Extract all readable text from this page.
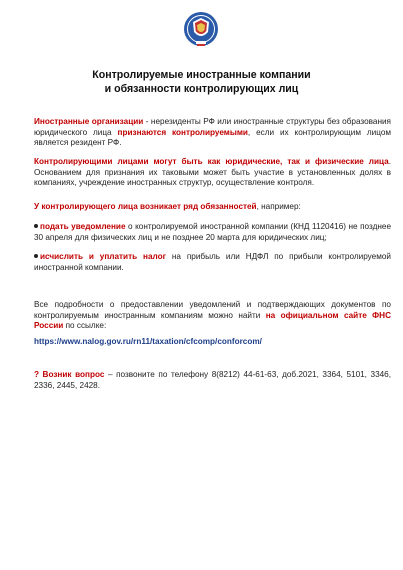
Контролируемые иностранные компании
и обязанности контролирующих лиц
Иностранные организации - нерезиденты РФ или иностранные структуры без образования юридического лица признаются контролируемыми, если их контролирующим лицом является резидент РФ.
Контролирующими лицами могут быть как юридические, так и физические лица. Основанием для признания их таковыми может быть участие в установленных долях в компаниях, учреждение иностранных структур, осуществление контроля.
У контролирующего лица возникает ряд обязанностей, например:
подать уведомление о контролируемой иностранной компании (КНД 1120416) не позднее 30 апреля для физических лиц и не позднее 20 марта для юридических лиц;
исчислить и уплатить налог на прибыль или НДФЛ по прибыли контролируемой иностранной компании.
Все подробности о предоставлении уведомлений и подтверждающих документов по контролируемым иностранным компаниям можно найти на официальном сайте ФНС России по ссылке:
https://www.nalog.gov.ru/rn11/taxation/cfcomp/conforcom/
? Возник вопрос – позвоните по телефону 8(8212) 44-61-63, доб.2021, 3364, 5101, 3346, 2336, 2445, 2428.
